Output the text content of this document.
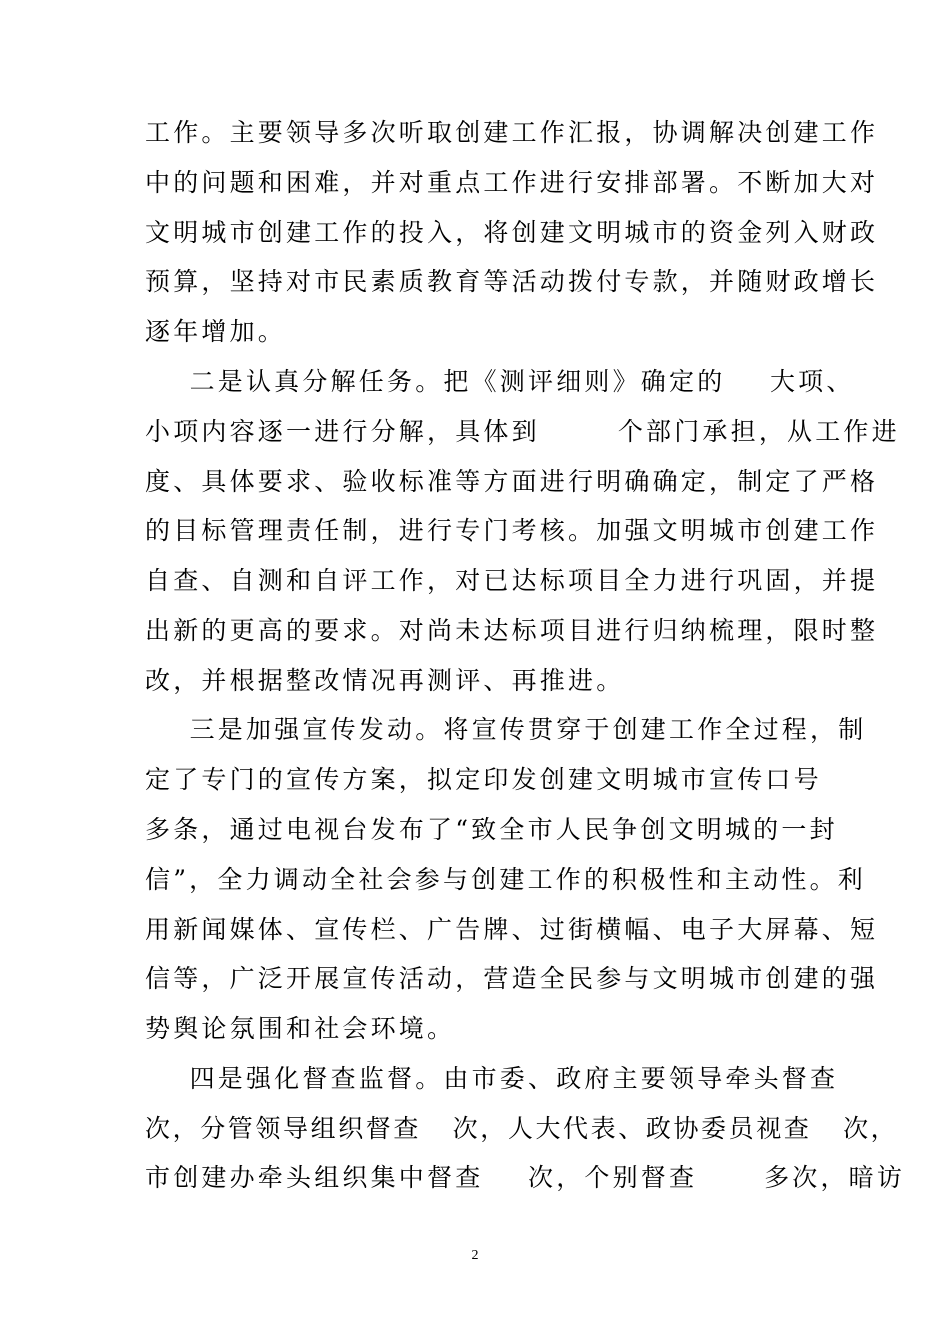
工作。主要领导多次听取创建工作汇报，协调解决创建工作
中的问题和困难，并对重点工作进行安排部署。不断加大对
文明城市创建工作的投入，将创建文明城市的资金列入财政
预算，坚持对市民素质教育等活动拨付专款，并随财政增长
逐年增加。
二是认真分解任务。把《测评细则》确定的    大项、
小项内容逐一进行分解，具体到       个部门承担，从工作进
度、具体要求、验收标准等方面进行明确确定，制定了严格
的目标管理责任制，进行专门考核。加强文明城市创建工作
自查、自测和自评工作，对已达标项目全力进行巩固，并提
出新的更高的要求。对尚未达标项目进行归纳梳理，限时整
改，并根据整改情况再测评、再推进。
三是加强宣传发动。将宣传贯穿于创建工作全过程，制
定了专门的宣传方案，拟定印发创建文明城市宣传口号
多条，通过电视台发布了“致全市人民争创文明城的一封
信”，全力调动全社会参与创建工作的积极性和主动性。利
用新闻媒体、宣传栏、广告牌、过街横幅、电子大屏幕、短
信等，广泛开展宣传活动，营造全民参与文明城市创建的强
势舆论氛围和社会环境。
四是强化督查监督。由市委、政府主要领导牵头督查
次，分管领导组织督查   次，人大代表、政协委员视查   次，
市创建办牵头组织集中督查    次，个别督查      多次，暗访
2
